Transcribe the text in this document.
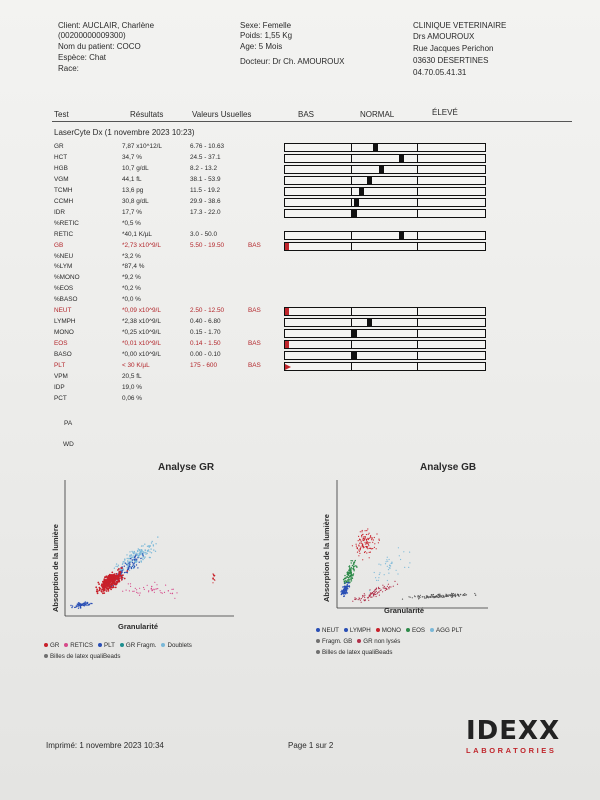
Client: AUCLAIR, Charlène
(00200000009300)
Nom du patient: COCO
Espèce: Chat
Race:
Sexe: Femelle
Poids: 1,55 Kg
Age: 5 Mois
Docteur: Dr Ch. AMOUROUX
CLINIQUE VETERINAIRE
Drs AMOUROUX
Rue Jacques Perichon
03630 DESERTINES
04.70.05.41.31
Test	Résultats	Valeurs Usuelles	BAS	NORMAL	ÉLEVÉ
LaserCyte Dx (1 novembre 2023 10:23)
GR	7,87 x10^12/L	6.76 - 10.63
HCT	34,7 %	24.5 - 37.1
HGB	10,7 g/dL	8.2 - 13.2
VGM	44,1 fL	38.1 - 53.9
TCMH	13,6 pg	11.5 - 19.2
CCMH	30,8 g/dL	29.9 - 38.6
IDR	17,7 %	17.3 - 22.0
%RETIC	*0,5 %
RETIC	*40,1 K/µL	3.0 - 50.0
GB	*2,73 x10^9/L	5.50 - 19.50	BAS
%NEU	*3,2 %
%LYM	*87,4 %
%MONO	*9,2 %
%EOS	*0,2 %
%BASO	*0,0 %
NEUT	*0,09 x10^9/L	2.50 - 12.50	BAS
LYMPH	*2,38 x10^9/L	0.40 - 6.80
MONO	*0,25 x10^9/L	0.15 - 1.70
EOS	*0,01 x10^9/L	0.14 - 1.50	BAS
BASO	*0,00 x10^9/L	0.00 - 0.10
PLT	< 30 K/µL	175 - 600	BAS
VPM	20,5 fL
IDP	19,0 %
PCT	0,06 %
PA
WD
Analyse GR
Absorption de la lumière
Granularité
GR RETICS PLT GR Fragm. Doublets
Billes de latex qualiBeads
Analyse GB
Absorption de la lumière
Granularité
NEUT LYMPH MONO EOS AGG PLT
Fragm. GB GR non lysés
Billes de latex qualiBeads
Imprimé: 1 novembre 2023 10:34	Page 1 sur 2	IDEXX
LABORATORIES
